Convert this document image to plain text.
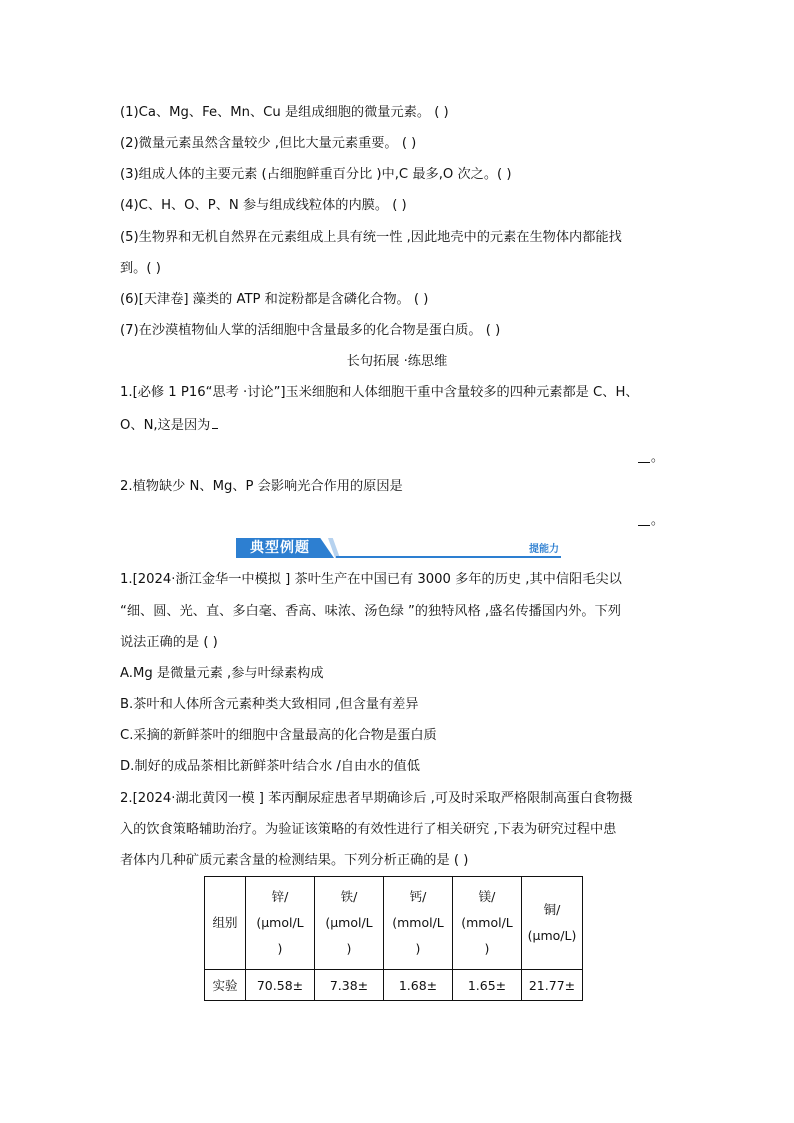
(1)Ca、Mg、Fe、Mn、Cu 是组成细胞的微量元素。 ( )
(2)微量元素虽然含量较少 ,但比大量元素重要。 ( )
(3)组成人体的主要元素 (占细胞鲜重百分比 )中,C 最多,O 次之。( )
(4)C、H、O、P、N 参与组成线粒体的内膜。 ( )
(5)生物界和无机自然界在元素组成上具有统一性 ,因此地壳中的元素在生物体内都能找
到。( )
(6)[天津卷] 藻类的 ATP 和淀粉都是含磷化合物。 ( )
(7)在沙漠植物仙人掌的活细胞中含量最多的化合物是蛋白质。 ( )
长句拓展 ·练思维
1.[必修 1 P16“思考 ·讨论”]玉米细胞和人体细胞干重中含量较多的四种元素都是 C、H、
O、N,这是因为
。
2.植物缺少 N、Mg、P 会影响光合作用的原因是
。
典型例题	提能力
1.[2024·浙江金华一中模拟 ] 茶叶生产在中国已有 3000 多年的历史 ,其中信阳毛尖以
“细、圆、光、直、多白毫、香高、味浓、汤色绿 ”的独特风格 ,盛名传播国内外。下列
说法正确的是 ( )
A.Mg 是微量元素 ,参与叶绿素构成
B.茶叶和人体所含元素种类大致相同 ,但含量有差异
C.采摘的新鲜茶叶的细胞中含量最高的化合物是蛋白质
D.制好的成品茶相比新鲜茶叶结合水 /自由水的值低
2.[2024·湖北黄冈一模 ] 苯丙酮尿症患者早期确诊后 ,可及时采取严格限制高蛋白食物摄
入的饮食策略辅助治疗。为验证该策略的有效性进行了相关研究 ,下表为研究过程中患
者体内几种矿质元素含量的检测结果。下列分析正确的是 ( )
组别	锌/
(μmol/L
)	铁/
(μmol/L
)	钙/
(mmol/L
)	镁/
(mmol/L
)	铜/
(μmo/L)
实验	70.58±	7.38±	1.68±	1.65±	21.77±
